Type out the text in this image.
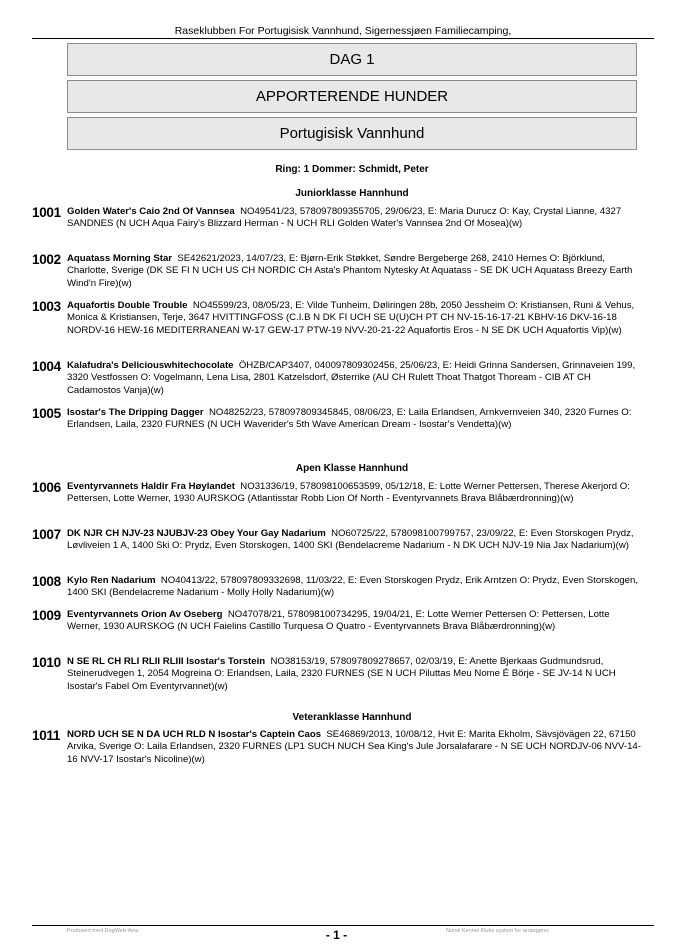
Raseklubben For Portugisisk Vannhund, Sigernessjøen Familiecamping,
DAG 1
APPORTERENDE HUNDER
Portugisisk Vannhund
Ring: 1 Dommer: Schmidt, Peter
Juniorklasse Hannhund
1001 Golden Water's Caio 2nd Of Vannsea NO49541/23, 578097809355705, 29/06/23, E: Maria Durucz O: Kay, Crystal Lianne, 4327 SANDNES (N UCH Aqua Fairy's Blizzard Herman - N UCH RLI Golden Water's Vannsea 2nd Of Mosea)(w)
1002 Aquatass Morning Star SE42621/2023, 14/07/23, E: Bjørn-Erik Støkket, Søndre Bergeberge 268, 2410 Hernes O: Björklund, Charlotte, Sverige (DK SE FI N UCH US CH NORDIC CH Asta's Phantom Nytesky At Aquatass - SE DK UCH Aquatass Breezy Earth Wind'n Fire)(w)
1003 Aquafortis Double Trouble NO45599/23, 08/05/23, E: Vilde Tunheim, Døliringen 28b, 2050 Jessheim O: Kristiansen, Runi & Vehus, Monica & Kristiansen, Terje, 3647 HVITTINGFOSS (C.I.B N DK FI UCH SE U(U)CH PT CH NV-15-16-17-21 KBHV-16 DKV-16-18 NORDV-16 HEW-16 MEDITERRANEAN W-17 GEW-17 PTW-19 NVV-20-21-22 Aquafortis Eros - N SE DK UCH Aquafortis Vip)(w)
1004 Kalafudra's Deliciouswhitechocolate ÖHZB/CAP3407, 040097809302456, 25/06/23, E: Heidi Grinna Sandersen, Grinnaveien 199, 3320 Vestfossen O: Vogelmann, Lena Lisa, 2801 Katzelsdorf, Østerrike (AU CH Rulett Thoat Thatgot Thoream - CIB AT CH Cadamostos Vanja)(w)
1005 Isostar's The Dripping Dagger NO48252/23, 578097809345845, 08/06/23, E: Laila Erlandsen, Arnkvernveien 340, 2320 Furnes O: Erlandsen, Laila, 2320 FURNES (N UCH Waverider's 5th Wave American Dream - Isostar's Vendetta)(w)
Apen Klasse Hannhund
1006 Eventyrvannets Haldir Fra Høylandet NO31336/19, 578098100653599, 05/12/18, E: Lotte Werner Pettersen, Therese Akerjord O: Pettersen, Lotte Werner, 1930 AURSKOG (Atlantisstar Robb Lion Of North - Eventyrvannets Brava Blåbærdronning)(w)
1007 DK NJR CH NJV-23 NJUBJV-23 Obey Your Gay Nadarium NO60725/22, 578098100799757, 23/09/22, E: Even Storskogen Prydz, Løvliveien 1 A, 1400 Ski O: Prydz, Even Storskogen, 1400 SKI (Bendelacreme Nadarium - N DK UCH NJV-19 Nia Jax Nadarium)(w)
1008 Kylo Ren Nadarium NO40413/22, 578097809332698, 11/03/22, E: Even Storskogen Prydz, Erik Arntzen O: Prydz, Even Storskogen, 1400 SKI (Bendelacreme Nadarium - Molly Holly Nadarium)(w)
1009 Eventyrvannets Orion Av Oseberg NO47078/21, 578098100734295, 19/04/21, E: Lotte Werner Pettersen O: Pettersen, Lotte Werner, 1930 AURSKOG (N UCH Faielins Castillo Turquesa O Quatro - Eventyrvannets Brava Blåbærdronning)(w)
1010 N SE RL CH RLI RLII RLIII Isostar's Torstein NO38153/19, 578097809278657, 02/03/19, E: Anette Bjerkaas Gudmundsrud, Steinerudvegen 1, 2054 Mogreina O: Erlandsen, Laila, 2320 FURNES (SE N UCH Piluttas Meu Nome É Börje - SE JV-14 N UCH Isostar's Fabel Om Eventyrvannet)(w)
Veteranklasse Hannhund
1011 NORD UCH SE N DA UCH RLD N Isostar's Captein Caos SE46869/2013, 10/08/12, Hvit E: Marita Ekholm, Sävsjövägen 22, 67150 Arvika, Sverige O: Laila Erlandsen, 2320 FURNES (LP1 SUCH NUCH Sea King's Jule Jorsalafarare - N SE UCH NORDJV-06 NVV-14-16 NVV-17 Isostar's Nicoline)(w)
Produsert med DogWeb-Arra	- 1 -	Norsk Kennel Klubs system for arrangører
